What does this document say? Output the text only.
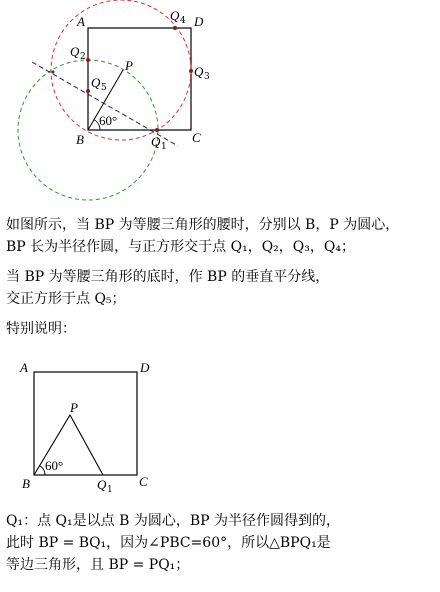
A	D
B	C
P
Q 1
Q 2
Q 3
Q 4
Q 5
60°
如图所示，当 BP 为等腰三角形的腰时，分别以 B，P 为圆心，
BP 长为半径作圆，与正方形交于点 Q₁，Q₂，Q₃，Q₄；
当 BP 为等腰三角形的底时，作 BP 的垂直平分线，
交正方形于点 Q₅；
特别说明：
A	D
B	C
P
Q 1
60°
Q₁：点 Q₁是以点 B 为圆心，BP 为半径作圆得到的，
此时 BP = BQ₁，因为∠PBC=60°，所以△BPQ₁是
等边三角形，且 BP = PQ₁；
